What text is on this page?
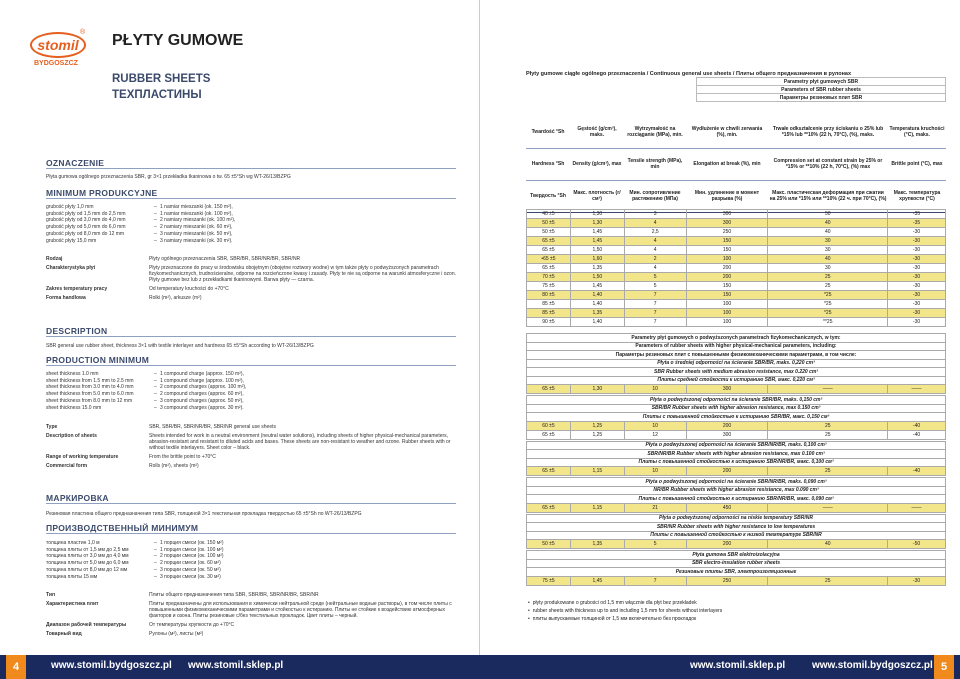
stomil
®
BYDGOSZCZ
PŁYTY GUMOWE
RUBBER SHEETS
ТЕХПЛАСТИНЫ
OZNACZENIE
Płyta gumowa ogólnego przeznaczenia SBR, gr 3×1 przekładka tkaninowa o tw. 65 ±5°Sh wg WT-26/13/BZPG
MINIMUM PRODUKCYJNE
grubość płyty 1,0 mm	– 1 namiar mieszanki (ok. 150 m²),
grubość płyty od 1,5 mm do 2,5 mm	– 1 namiar mieszanki (ok. 100 m²),
grubość płyty od 3,0 mm do 4,0 mm	– 2 namiary mieszanki (ok. 100 m²),
grubość płyty od 5,0 mm do 6,0 mm	– 2 namiary mieszanki (ok. 60 m²),
grubość płyty od 8,0 mm do 12 mm	– 3 namiary mieszanki (ok. 50 m²),
grubość płyty 15,0 mm	– 3 namiary mieszanki (ok. 30 m²).
Rodzaj	Płyty ogólnego przeznaczenia SBR, SBR/BR, SBR/NR/BR, SBR/NR
Charakterystyka płyt	Płyty przeznaczone do pracy w środowisku obojętnym (obojętne roztwory wodne) w tym także płyty o podwyższonych parametrach fizykomechanicznych, trudnościeralne, odporne na rozcieńczone kwasy i zasady. Płyty te nie są odporne na warunki atmosferyczne i ozon. Płyty gumowe bez lub z przekładkami tkaninowymi. Barwa płyty — czarna.
Zakres temperatury pracy	Od temperatury kruchości do +70°C
Forma handlowa	Rolki (m²), arkusze (m²)
DESCRIPTION
SBR general use rubber sheet, thickness 3×1 with textile interlayer and hardness 65 ±5°Sh according to WT-26/13/BZPG
PRODUCTION MINIMUM
sheet thickness 1.0 mm	– 1 compound charge (approx. 150 m²),
sheet thickness from 1.5 mm to 2.5 mm	– 1 compound charge (approx. 100 m²),
sheet thickness from 3.0 mm to 4.0 mm	– 2 compound charges (approx. 100 m²),
sheet thickness from 5.0 mm to 6.0 mm	– 2 compound charges (approx. 60 m²),
sheet thickness from 8.0 mm to 12 mm	– 3 compound charges (approx. 50 m²),
sheet thickness 15.0 mm	– 3 compound charges (approx. 30 m²).
Type	SBR, SBR/BR, SBR/NR/BR, SBR/NR general use sheets
Description of sheets	Sheets intended for work in a neutral environment (neutral water solutions), including sheets of higher physical-mechanical parameters, abrasion-resistant and resistant to diluted acids and bases. These sheets are non-resistant to weather and ozone. Rubber sheets with or without textile interlayers. Sheet color – black.
Range of working temperature	From the brittle point to +70°C
Commercial form	Rolls (m²), sheets (m²)
МАРКИРОВКА
Резиновая пластина общего предназначения типа SBR, толщиной 3×1 текстильная прокладка твердостью 65 ±5°Sh по WT-26/13/BZPG
ПРОИЗВОДСТВЕННЫЙ МИНИМУМ
толщина пластин 1,0 м	– 1 порция смеси (ок. 150 м²)
толщина плиты от 1,5 мм до 2,5 мм	– 1 порция смеси (ок. 100 м²)
толщина плиты от 3,0 мм до 4,0 мм	– 2 порции смеси (ок. 100 м²)
толщина плиты от 5,0 мм до 6,0 мм	– 2 порции смеси (ок. 60 м²)
толщина плиты от 8,0 мм до 12 мм	– 3 порции смеси (ок. 50 м²)
толщина плиты 15 мм	– 3 порции смеси (ок. 30 м²)
Тип	Плиты общего предназначения типа SBR, SBR/BR, SBR/NR/BR, SBR/NR
Характеристика плит	Плиты предназначены для использования в химически нейтральной среде (нейтральные водные растворы), в том числе плиты с повышенными физикомеханическими параметрами и стойкостью к истиранию. Плиты не стойкие к воздействию атмосферных факторов и озона. Плиты резиновые с/без текстильных прокладок. Цвет плиты – черный.
Диапазон рабочей температуры	От температуры хрупкости до +70°C
Товарный вид	Рулоны (м²), листы (м²)
Płyty gumowe ciągłe ogólnego przeznaczenia / Continuous general use sheets / Плиты общего предназначения в рулонах
Parametry płyt gumowych SBR
Parameters of SBR rubber sheets
Параметры резиновых плит SBR
Twardość °Sh	Gęstość (g/cm³), maks.	Wytrzymałość na rozciąganie (MPa), min.	Wydłużenie w chwili zerwania (%), min.	Trwałe odkształcenie przy ściskaniu o 25% lub *15% lub **10% (22 h, 70°C), (%), maks.	Temperatura kruchości (°C), maks.
Hardness °Sh	Density (g/cm³), max	Tensile strength (MPa), min	Elongation at break (%), min	Compression set at constant strain by 25% or *15% or **10% (22 h, 70°C), (%) max	Brittle point (°C), max
Твердость °Sh	Макс. плотность (г/см³)	Мин. сопротивление растяжению (МПа)	Мин. удлинение в момент разрыва (%)	Макс. пластическая деформация при сжатии на 25% или *15% или **10% (22 ч. при 70°C), (%)	Макс. температура хрупкости (°C)
40 ±5	1,30	3	300	50	-35
50 ±5	1,30	4	300	40	-35
50 ±5	1,45	2,5	250	40	-30
65 ±5	1,45	4	150	30	-30
65 ±5	1,50	4	150	30	-30
•65 ±5	1,60	2	100	40	-30
65 ±5	1,35	4	200	30	-30
70 ±5	1,50	5	200	25	-30
75 ±5	1,45	5	150	25	-30
80 ±5	1,40	7	150	*25	-30
85 ±5	1,40	7	100	*25	-30
85 ±5	1,35	7	100	*25	-30
90 ±5	1,40	7	100	**25	-30
Parametry płyt gumowych o podwyższonych parametrach fizykomechanicznych, w tym:
Parameters of rubber sheets with higher physical-mechanical parameters, including:
Параметры резиновых плит с повышенными физикомеханическими параметрами, в том числе:
Płyta o średniej odporności na ścieranie SBR/BR, maks. 0,220 cm³
SBR Rubber sheets with medium abrasion resistance, max 0.220 cm³
Плиты средней стойкости к истиранию SBR, макс. 0,220 см³
65 ±5	1,30	10	300	——	——
Płyta o podwyższonej odporności na ścieranie SBR/BR, maks. 0,150 cm³
SBR/BR Rubber sheets with higher abrasion resistance, max 0.150 cm³
Плиты с повышенной стойкостью к истиранию SBR/BR, макс. 0,150 см³
60 ±5	1,25	10	200	25	-40
65 ±5	1,25	12	300	25	-40
Płyta o podwyższonej odporności na ścieranie SBR/NR/BR, maks. 0,100 cm³
SBR/NR/BR Rubber sheets with higher abrasion resistance, max 0.100 cm³
Плиты с повышенной стойкостью к истиранию SBR/NR/BR, макс. 0,100 см³
65 ±5	1,15	10	200	25	-40
Płyta o podwyższonej odporności na ścieranie SBR/NR/BR, maks. 0,090 cm³
NR/BR Rubber sheets with higher abrasion resistance, max 0.090 cm³
Плиты с повышенной стойкостью к истиранию SBR/NR/BR, макс. 0,090 см³
65 ±5	1,15	21	450	——	——
Płyta o podwyższonej odporności na niskie temperatury SBR/NR
SBR/NR Rubber sheets with higher resistance to low temperatures
Плиты с повышенной стойкостью к низкой температуре SBR/NR
50 ±5	1,35	5	200	40	-50
Płyta gumowa SBR elektroizolacyjna
SBR electro-insulation rubber sheets
Резиновые плиты SBR, электроизоляционные
75 ±5	1,45	7	250	25	-30
• płyty produkowane o grubości od 1,5 mm włącznie dla płyt bez przekładek
• rubber sheets with thickness up to and including 1,5 mm for sheets without interlayers
• плиты выпускаемые толщиной от 1,5 мм включительно без прокладок
4	5
www.stomil.bydgoszcz.pl www.stomil.sklep.pl	www.stomil.sklep.pl	www.stomil.bydgoszcz.pl
